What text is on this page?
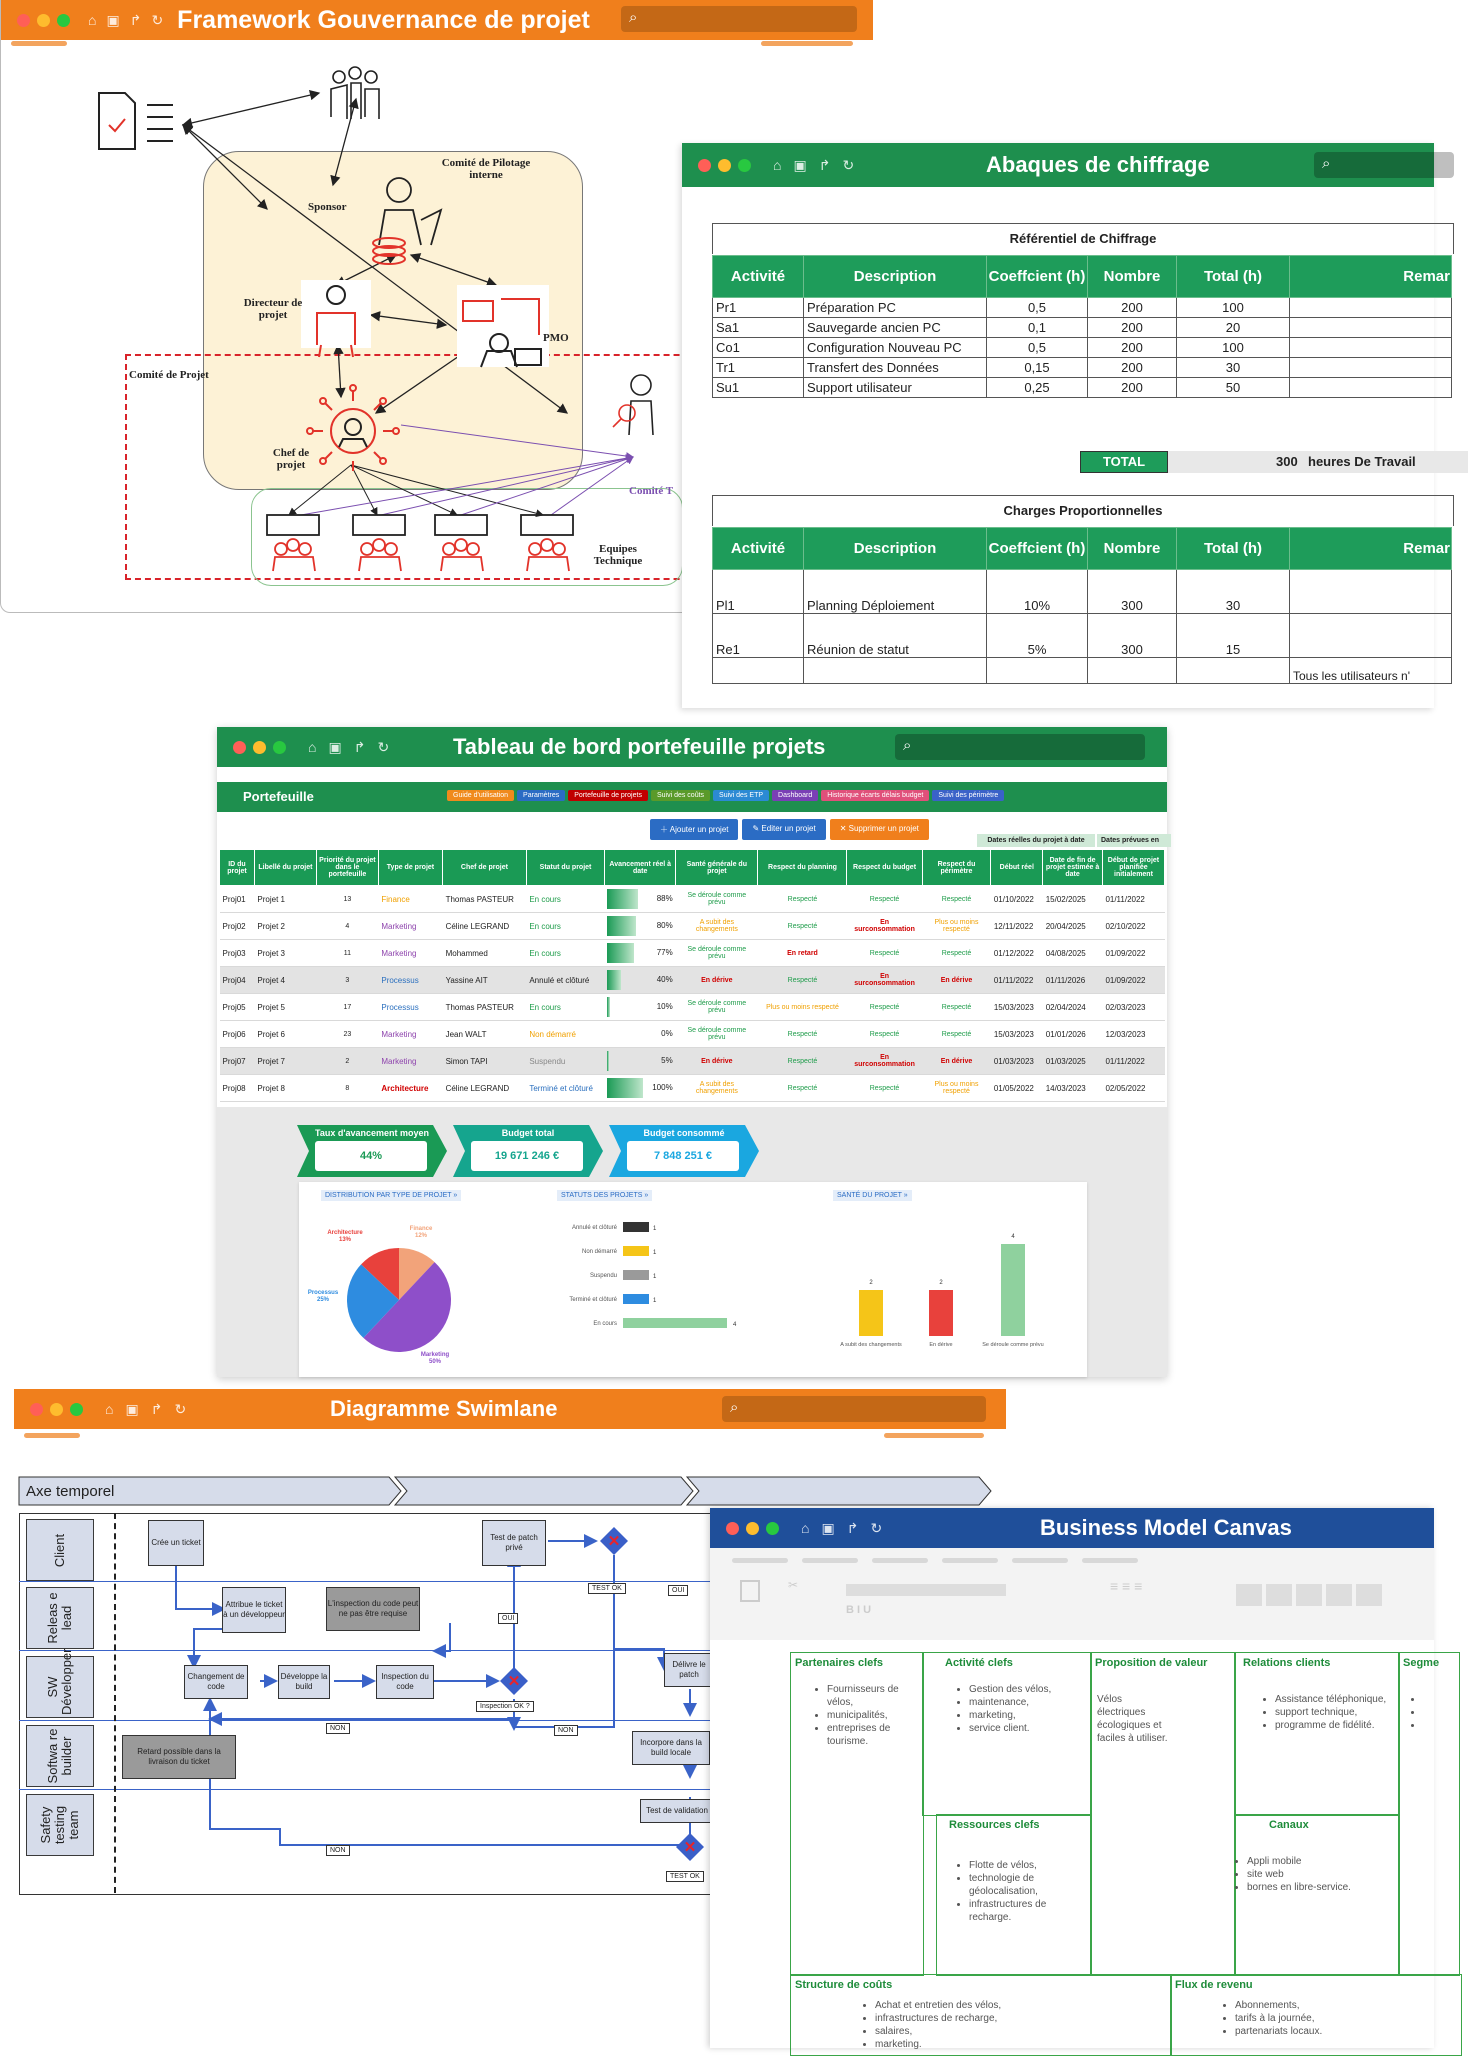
⌂ ▣ ↱ ↻ Framework Gouvernance de projet	⌕
Comité de Pilotage interne
Sponsor
Directeur de projet
PMO
Comité de Projet
Chef de projet
Comité T
Equipes Technique
⌂ ▣ ↱ ↻	Abaques de chiffrage	⌕
Référentiel de Chiffrage
Activité	Description	Coeffcient (h)	Nombre	Total (h)	Remar
Pr1	Préparation PC	0,5	200	100	
Sa1	Sauvegarde ancien PC	0,1	200	20	
Co1	Configuration Nouveau PC	0,5	200	100	
Tr1	Transfert des Données	0,15	200	30	
Su1	Support utilisateur	0,25	200	50	
TOTAL	300 heures De Travail
Charges Proportionnelles
Activité	Description	Coeffcient (h)	Nombre	Total (h)	Remar
Pl1	Planning Déploiement	10%	300	30	
Re1	Réunion de statut	5%	300	15	
					Tous les utilisateurs n'
⌂ ▣ ↱ ↻	Tableau de bord portefeuille projets	⌕
Portefeuille	Guide d'utilisation	Paramètres	Portefeuille de projets	Suivi des coûts	Suivi des ETP	Dashboard	Historique écarts délais budget	Suivi des périmètre
＋ Ajouter un projet	✎ Editer un projet	✕ Supprimer un projet
Dates réelles du projet à date	Dates prévues en
ID du projet	Libellé du projet	Priorité du projet dans le portefeuille	Type de projet	Chef de projet	Statut du projet	Avancement réel à date	Santé générale du projet	Respect du planning	Respect du budget	Respect du périmètre	Début réel	Date de fin de projet estimée à date	Début de projet planifiée initialement
Proj01	Projet 1	13	Finance	Thomas PASTEUR	En cours	88%	Se déroule comme prévu	Respecté	Respecté	Respecté	01/10/2022	15/02/2025	01/11/2022
Proj02	Projet 2	4	Marketing	Céline LEGRAND	En cours	80%	A subit des changements	Respecté	En surconsommation	Plus ou moins respecté	12/11/2022	20/04/2025	02/10/2022
Proj03	Projet 3	11	Marketing	Mohammed	En cours	77%	Se déroule comme prévu	En retard	Respecté	Respecté	01/12/2022	04/08/2025	01/09/2022
Proj04	Projet 4	3	Processus	Yassine AIT	Annulé et clôturé	40%	En dérive	Respecté	En surconsommation	En dérive	01/11/2022	01/11/2026	01/09/2022
Proj05	Projet 5	17	Processus	Thomas PASTEUR	En cours	10%	Se déroule comme prévu	Plus ou moins respecté	Respecté	Respecté	15/03/2023	02/04/2024	02/03/2023
Proj06	Projet 6	23	Marketing	Jean WALT	Non démarré	0%	Se déroule comme prévu	Respecté	Respecté	Respecté	15/03/2023	01/01/2026	12/03/2023
Proj07	Projet 7	2	Marketing	Simon TAPI	Suspendu	5%	En dérive	Respecté	En surconsommation	En dérive	01/03/2023	01/03/2025	01/11/2022
Proj08	Projet 8	8	Architecture	Céline LEGRAND	Terminé et clôturé	100%	A subit des changements	Respecté	Respecté	Plus ou moins respecté	01/05/2022	14/03/2023	02/05/2022
Taux d'avancement moyen
44%
Budget total
19 671 246 €
Budget consommé
7 848 251 €
DISTRIBUTION PAR TYPE DE PROJET »	STATUTS DES PROJETS »	SANTÉ DU PROJET »
Architecture 13%
Finance 12%
Marketing 50%
Processus 25%
Annulé et clôturé	1
Non démarré	1
Suspendu	1
Terminé et clôturé	1
En cours	4
2
A subit des changements
2
En dérive
4
Se déroule comme prévu
⌂ ▣ ↱ ↻	Diagramme Swimlane	⌕
Axe temporel
Client
Releas e lead
SW Développer
Softwa re builder
Safety testing team
✕
✕
✕
Crée un ticket
Attribue le ticket à un développeur
L'inspection du code peut ne pas être requise
Changement de code
Développe la build
Inspection du code
Test de patch privé
Délivre le patch
Retard possible dans la livraison du ticket
Incorpore dans la build locale
Test de validation
OUI
OUI
TEST OK
Inspection OK ?
NON	NON
NON
TEST OK
⌂ ▣ ↱ ↻	Business Model Canvas
✂
B I U
≡ ≡ ≡
Partenaires clefs
• Fournisseurs de vélos,
• municipalités,
• entreprises de tourisme.
Activité clefs
• Gestion des vélos,
• maintenance,
• marketing,
• service client.
Proposition de valeur
Vélos électriques écologiques et faciles à utiliser.
Relations clients
• Assistance téléphonique,
• support technique,
• programme de fidélité.
Segme
Ressources clefs
• Flotte de vélos,
• technologie de géolocalisation,
• infrastructures de recharge.
Canaux
• Appli mobile
• site web
• bornes en libre-service.
Structure de coûts
• Achat et entretien des vélos,
• infrastructures de recharge,
• salaires,
• marketing.
Flux de revenu
• Abonnements,
• tarifs à la journée,
• partenariats locaux.
